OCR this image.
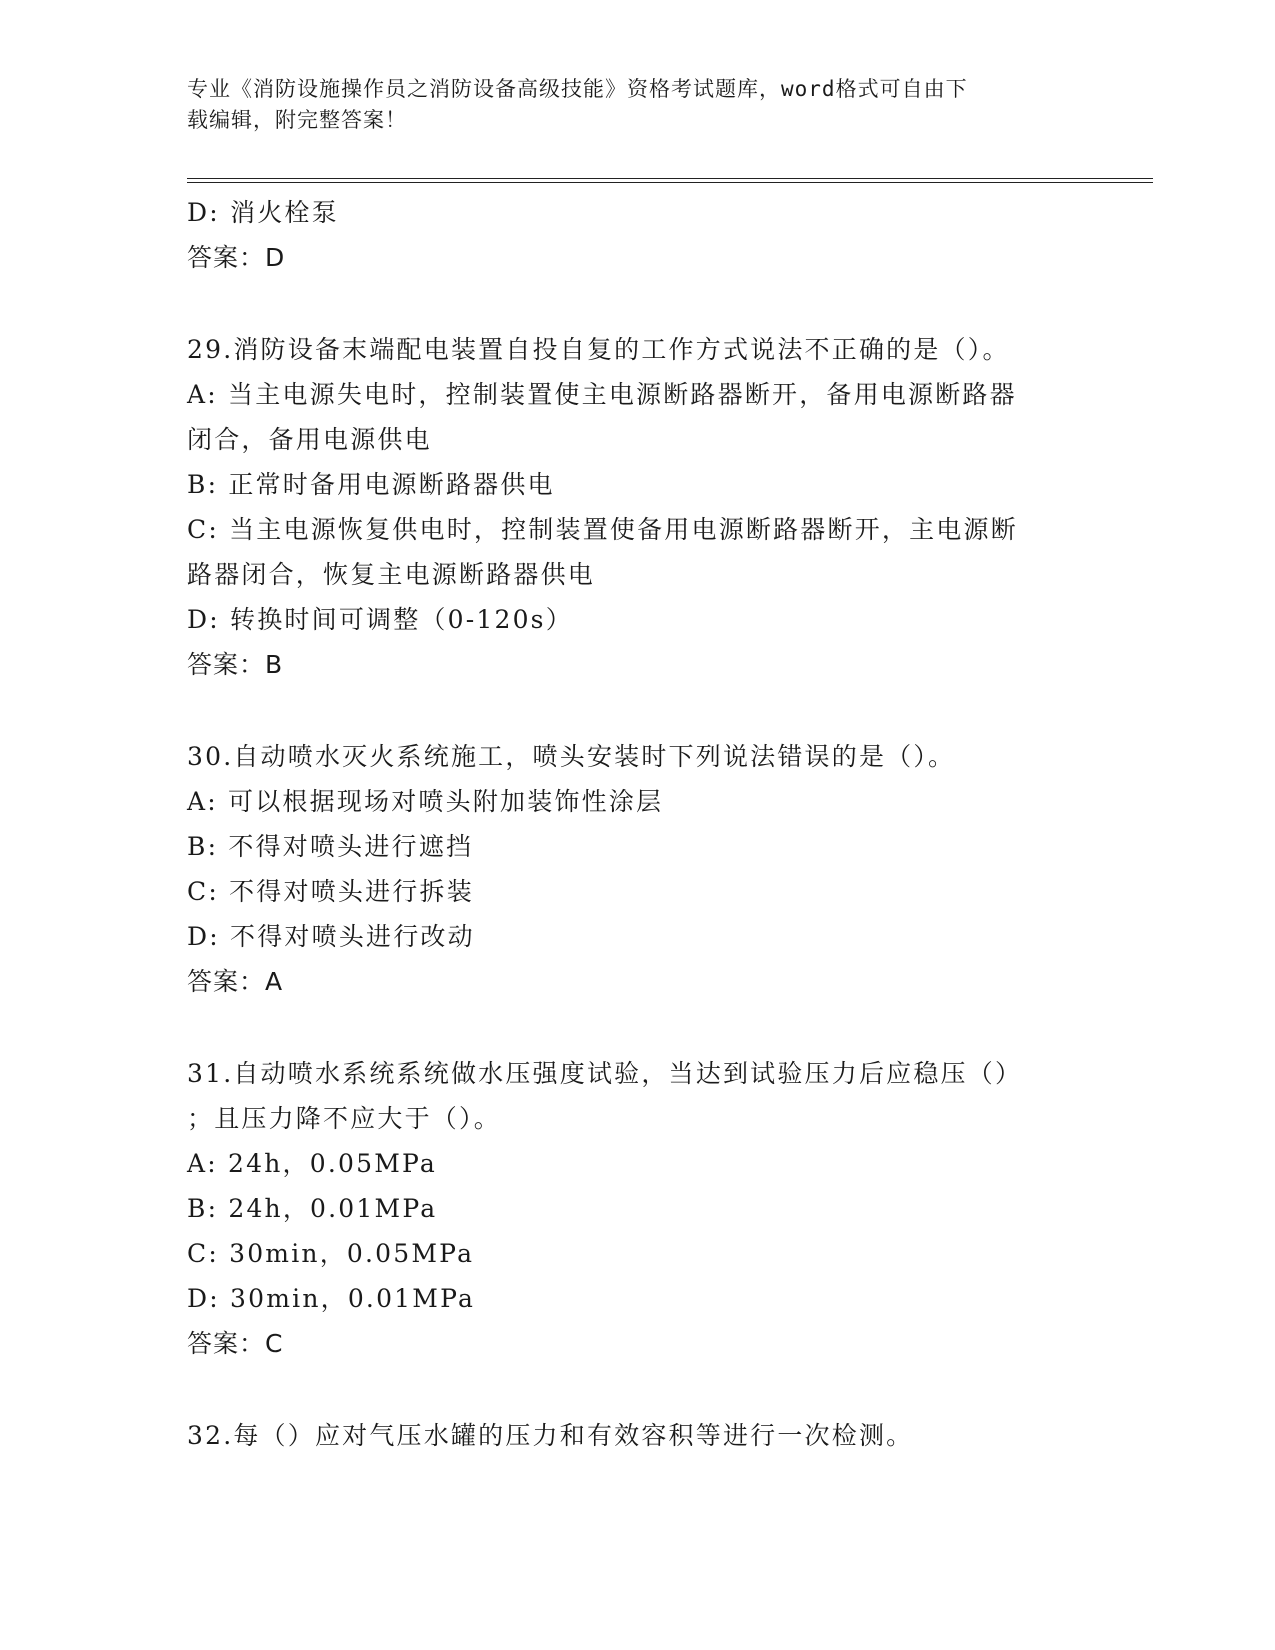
专业《消防设施操作员之消防设备高级技能》资格考试题库，word格式可自由下
载编辑，附完整答案！
D: 消火栓泵
答案：D
29.消防设备末端配电装置自投自复的工作方式说法不正确的是（）。
A: 当主电源失电时，控制装置使主电源断路器断开，备用电源断路器
闭合，备用电源供电
B: 正常时备用电源断路器供电
C: 当主电源恢复供电时，控制装置使备用电源断路器断开，主电源断
路器闭合，恢复主电源断路器供电
D: 转换时间可调整（0-120s）
答案：B
30.自动喷水灭火系统施工，喷头安装时下列说法错误的是（）。
A: 可以根据现场对喷头附加装饰性涂层
B: 不得对喷头进行遮挡
C: 不得对喷头进行拆装
D: 不得对喷头进行改动
答案：A
31.自动喷水系统系统做水压强度试验，当达到试验压力后应稳压（）
；且压力降不应大于（）。
A: 24h，0.05MPa
B: 24h，0.01MPa
C: 30min，0.05MPa
D: 30min，0.01MPa
答案：C
32.每（）应对气压水罐的压力和有效容积等进行一次检测。
